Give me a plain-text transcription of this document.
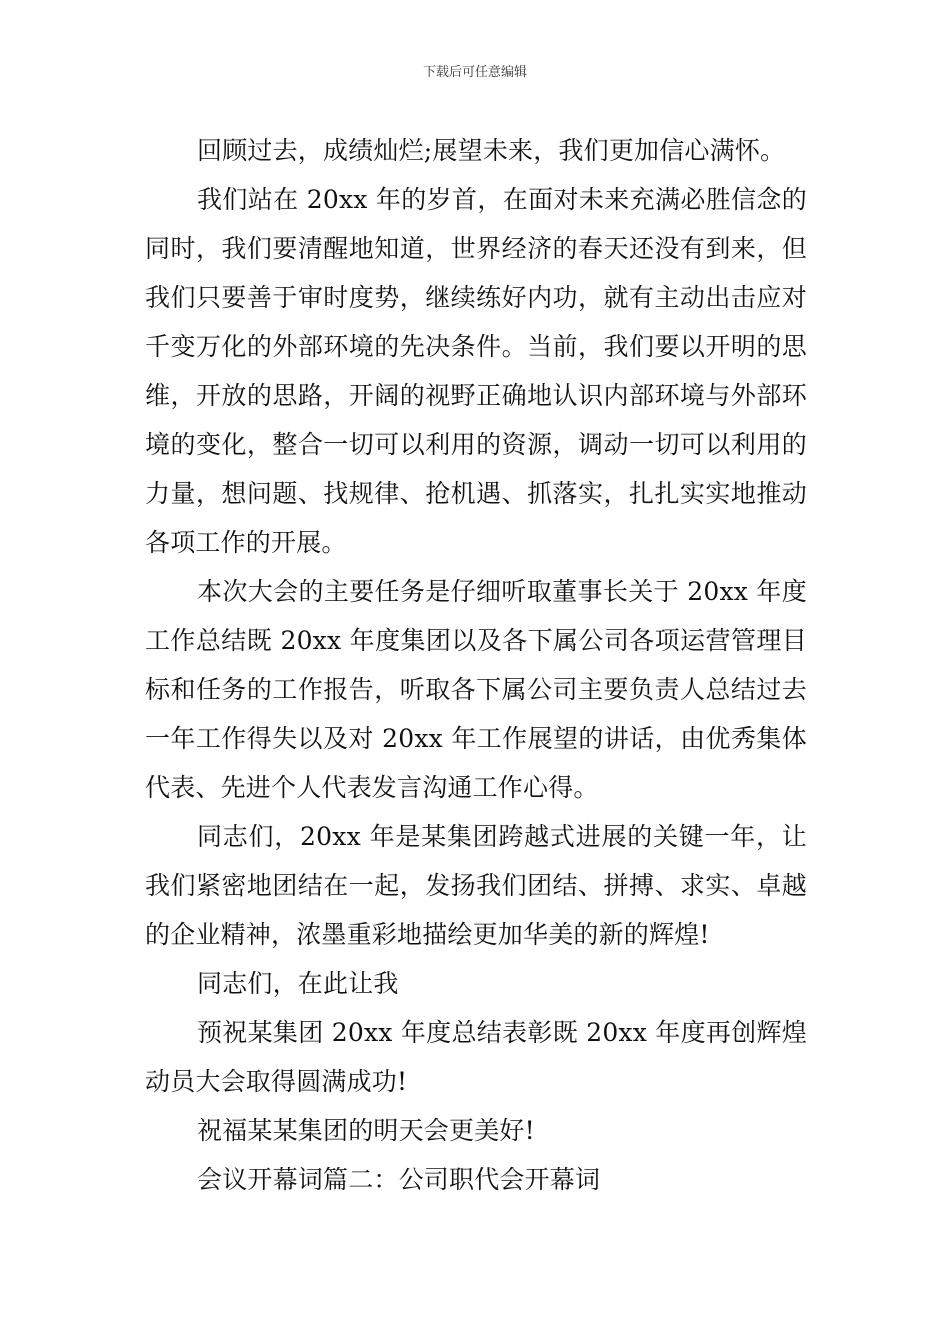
下载后可任意编辑

回顾过去，成绩灿烂;展望未来，我们更加信心满怀。

我们站在 20xx 年的岁首，在面对未来充满必胜信念的同时，我们要清醒地知道，世界经济的春天还没有到来，但我们只要善于审时度势，继续练好内功，就有主动出击应对千变万化的外部环境的先决条件。当前，我们要以开明的思维，开放的思路，开阔的视野正确地认识内部环境与外部环境的变化，整合一切可以利用的资源，调动一切可以利用的力量，想问题、找规律、抢机遇、抓落实，扎扎实实地推动各项工作的开展。

本次大会的主要任务是仔细听取董事长关于 20xx 年度工作总结既 20xx 年度集团以及各下属公司各项运营管理目标和任务的工作报告，听取各下属公司主要负责人总结过去一年工作得失以及对 20xx 年工作展望的讲话，由优秀集体代表、先进个人代表发言沟通工作心得。

同志们，20xx 年是某集团跨越式进展的关键一年，让我们紧密地团结在一起，发扬我们团结、拼搏、求实、卓越的企业精神，浓墨重彩地描绘更加华美的新的辉煌!

同志们，在此让我

预祝某集团 20xx 年度总结表彰既 20xx 年度再创辉煌动员大会取得圆满成功!

祝福某某集团的明天会更美好!

会议开幕词篇二：公司职代会开幕词
